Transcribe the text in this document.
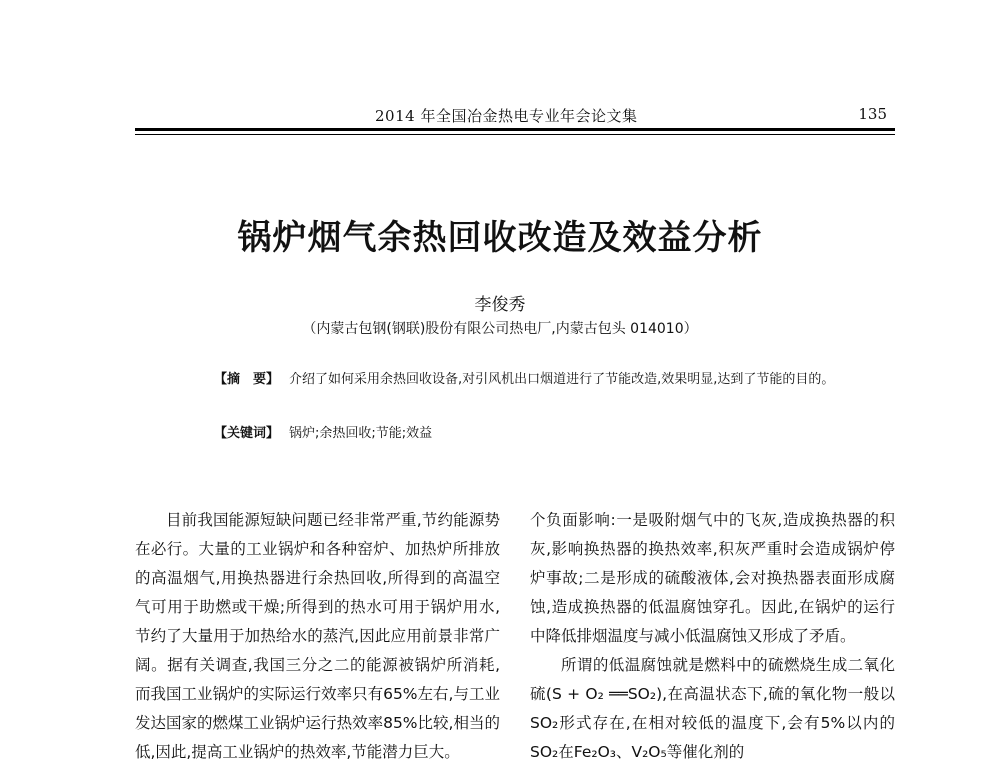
2014 年全国冶金热电专业年会论文集	135
锅炉烟气余热回收改造及效益分析
李俊秀
（内蒙古包钢(钢联)股份有限公司热电厂,内蒙古包头 014010）
【摘　要】 介绍了如何采用余热回收设备,对引风机出口烟道进行了节能改造,效果明显,达到了节能的目的。
【关键词】 锅炉;余热回收;节能;效益

目前我国能源短缺问题已经非常严重,节约能源势在必行。大量的工业锅炉和各种窑炉、加热炉所排放的高温烟气,用换热器进行余热回收,所得到的高温空气可用于助燃或干燥;所得到的热水可用于锅炉用水,节约了大量用于加热给水的蒸汽,因此应用前景非常广阔。据有关调查,我国三分之二的能源被锅炉所消耗,而我国工业锅炉的实际运行效率只有65%左右,与工业发达国家的燃煤工业锅炉运行热效率85%比较,相当的低,因此,提高工业锅炉的热效率,节能潜力巨大。

个负面影响:一是吸附烟气中的飞灰,造成换热器的积灰,影响换热器的换热效率,积灰严重时会造成锅炉停炉事故;二是形成的硫酸液体,会对换热器表面形成腐蚀,造成换热器的低温腐蚀穿孔。因此,在锅炉的运行中降低排烟温度与减小低温腐蚀又形成了矛盾。

所谓的低温腐蚀就是燃料中的硫燃烧生成二氧化硫(S + O₂ ══SO₂),在高温状态下,硫的氧化物一般以SO₂形式存在,在相对较低的温度下,会有5%以内的SO₂在Fe₂O₃、V₂O₅等催化剂的
